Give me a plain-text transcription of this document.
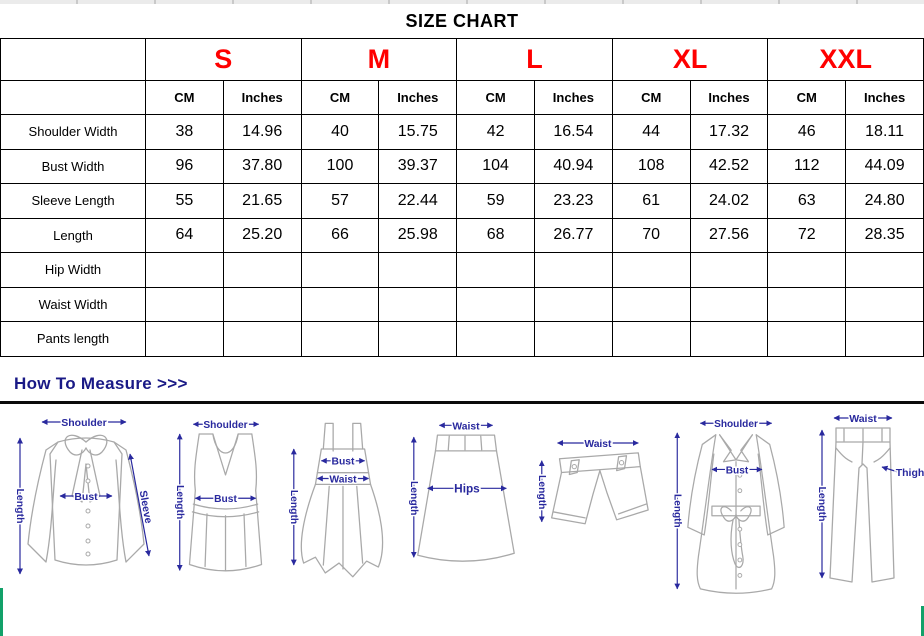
SIZE CHART
	S		M		L		XL		XXL	
	CM	Inches	CM	Inches	CM	Inches	CM	Inches	CM	Inches
Shoulder Width	38	14.96	40	15.75	42	16.54	44	17.32	46	18.11
Bust Width	96	37.80	100	39.37	104	40.94	108	42.52	112	44.09
Sleeve Length	55	21.65	57	22.44	59	23.23	61	24.02	63	24.80
Length	64	25.20	66	25.98	68	26.77	70	27.56	72	28.35
Hip Width										
Waist Width										
Pants length										
How To Measure >>>
Shoulder
Length	Bust	Sleeve
Shoulder
Length	Bust	Length
Bust
Waist
Waist
Hips
Length
Waist
Length
Shoulder
Bust
Length
Waist
Length
Thigh
